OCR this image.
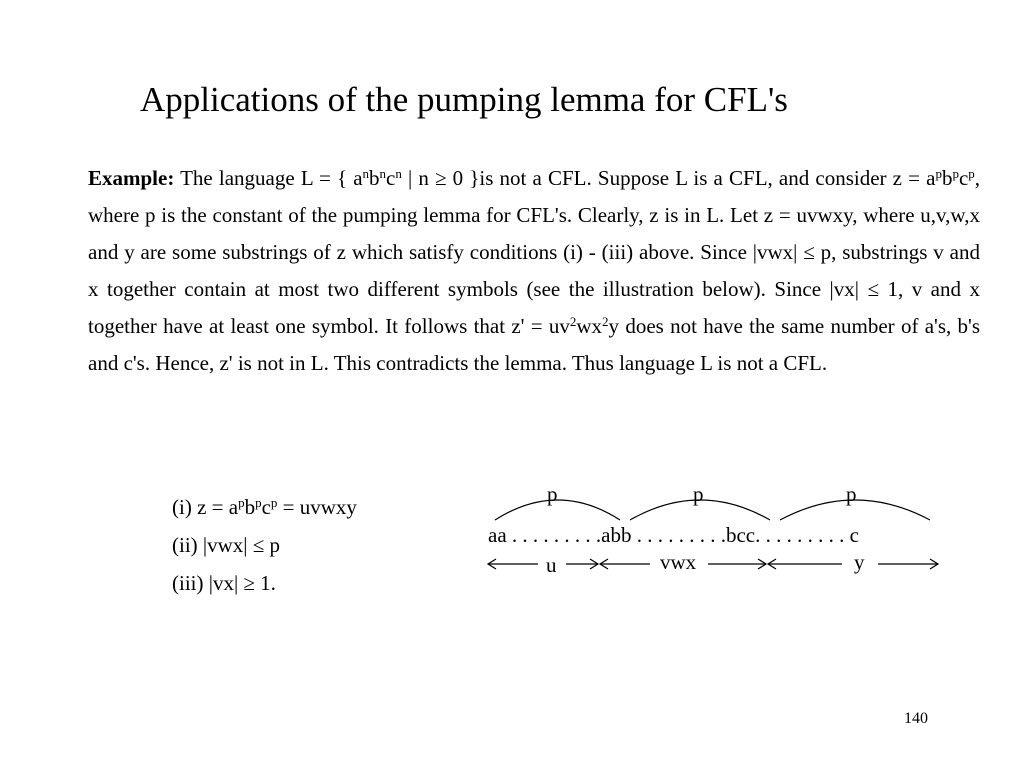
Applications of the pumping lemma for CFL's
Example: The language L = { $a^nb^nc^n$ | n ≥ 0 }is not a CFL. Suppose L is a CFL, and consider $z = a^pb^pc^p$, where p is the constant of the pumping lemma for CFL's. Clearly, z is in L. Let z = uvwxy, where u,v,w,x and y are some substrings of z which satisfy conditions (i) - (iii) above. Since |vwx| ≤ p, substrings v and x together contain at most two different symbols (see the illustration below). Since |vx| ≤ 1, v and x together have at least one symbol. It follows that $z' = uv^2wx^2y$ does not have the same number of a's, b's and c's. Hence, z' is not in L. This contradicts the lemma. Thus language L is not a CFL.
(i) $z = a^pb^pc^p$ = uvwxy
(ii) |vwx| ≤ p
(iii) |vx| ≥ 1.
p	p	p
aa . . . . . . . . .abb . . . . . . . . .bcc. . . . . . . . . c
u	vwx	y
140
